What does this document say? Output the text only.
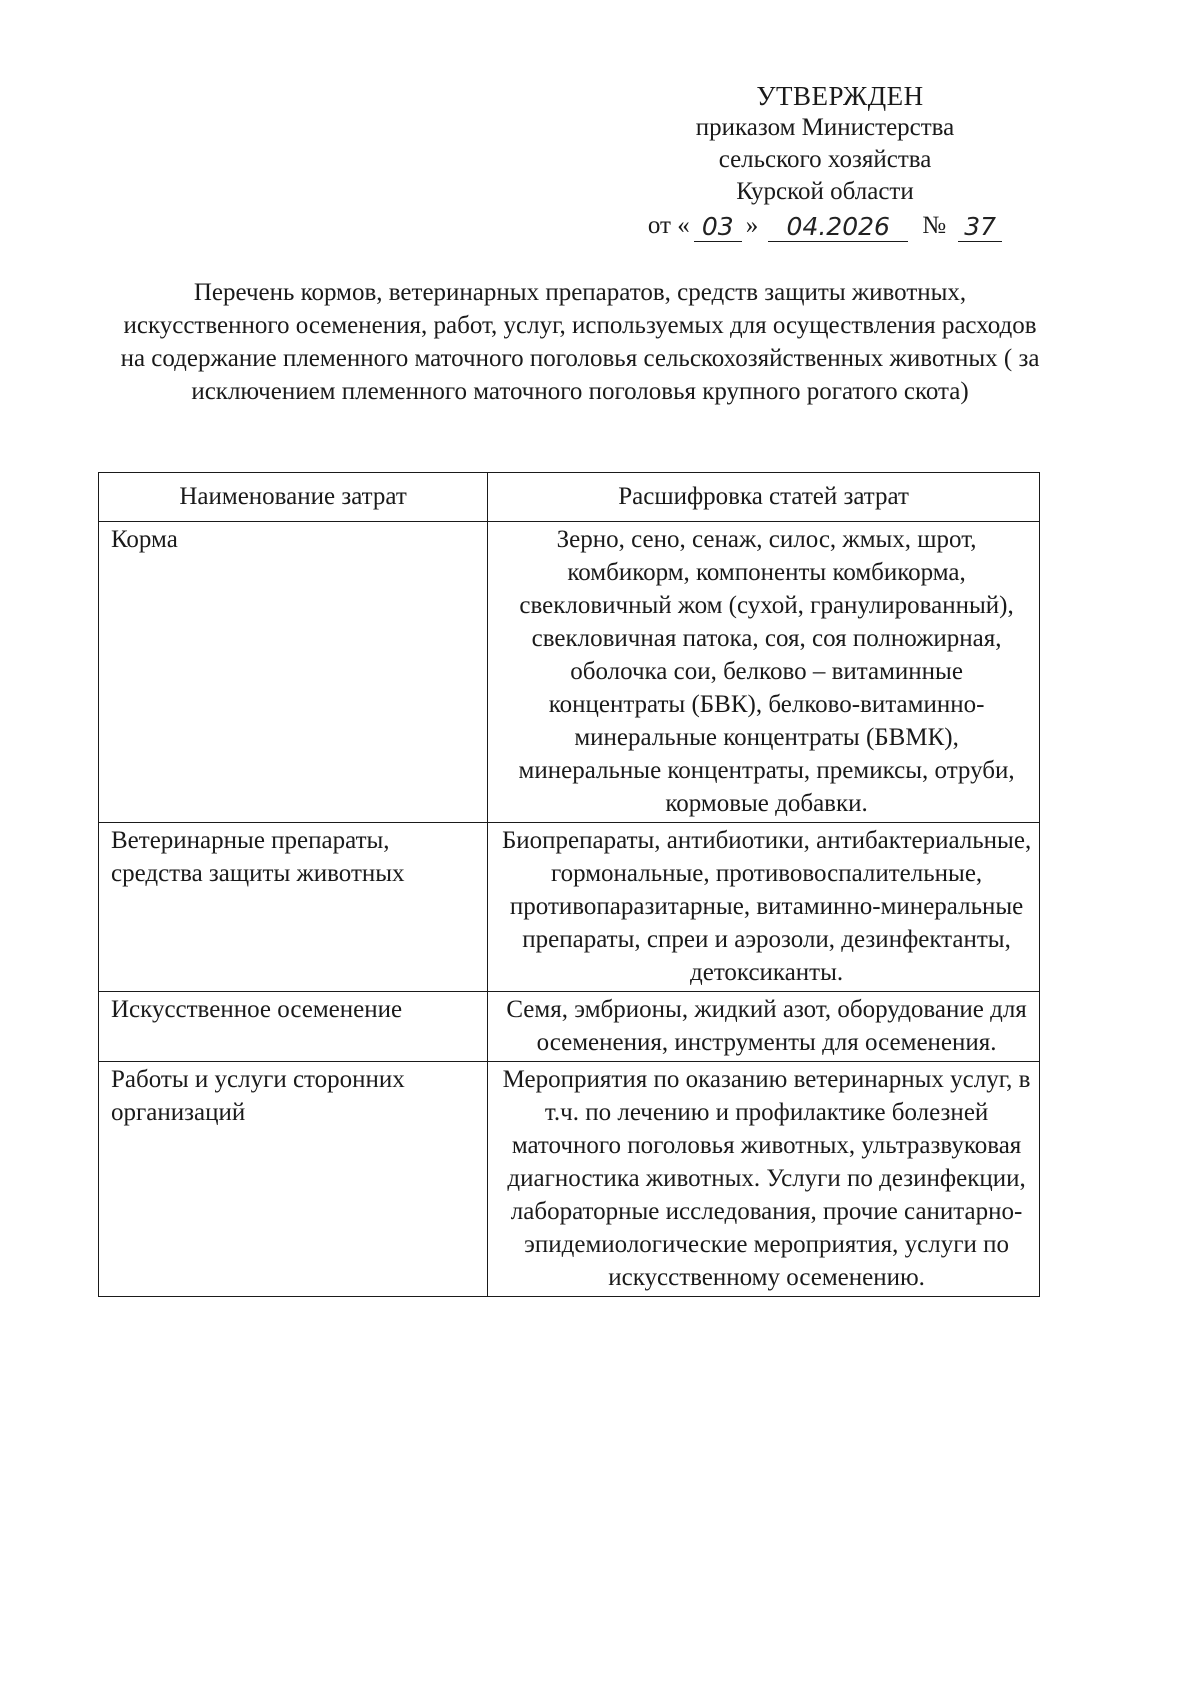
УТВЕРЖДЕН
приказом Министерства
сельского хозяйства
Курской области
от « 03 »	04.2026	№ 37
Перечень кормов, ветеринарных препаратов, средств защиты животных, искусственного осеменения, работ, услуг, используемых для осуществления расходов на содержание племенного маточного поголовья сельскохозяйственных животных ( за исключением племенного маточного поголовья крупного рогатого скота)
Наименование затрат	Расшифровка статей затрат
Корма	Зерно, сено, сенаж, силос, жмых, шрот, комбикорм, компоненты комбикорма, свекловичный жом (сухой, гранулированный), свекловичная патока, соя, соя полножирная, оболочка сои, белково – витаминные концентраты (БВК), белково-витаминно-минеральные концентраты (БВМК), минеральные концентраты, премиксы, отруби, кормовые добавки.
Ветеринарные препараты, средства защиты животных	Биопрепараты, антибиотики, антибактериальные, гормональные, противовоспалительные, противопаразитарные, витаминно-минеральные препараты, спреи и аэрозоли, дезинфектанты, детоксиканты.
Искусственное осеменение	Семя, эмбрионы, жидкий азот, оборудование для осеменения, инструменты для осеменения.
Работы и услуги сторонних организаций	Мероприятия по оказанию ветеринарных услуг, в т.ч. по лечению и профилактике болезней маточного поголовья животных, ультразвуковая диагностика животных. Услуги по дезинфекции, лабораторные исследования, прочие санитарно-эпидемиологические мероприятия, услуги по искусственному осеменению.
